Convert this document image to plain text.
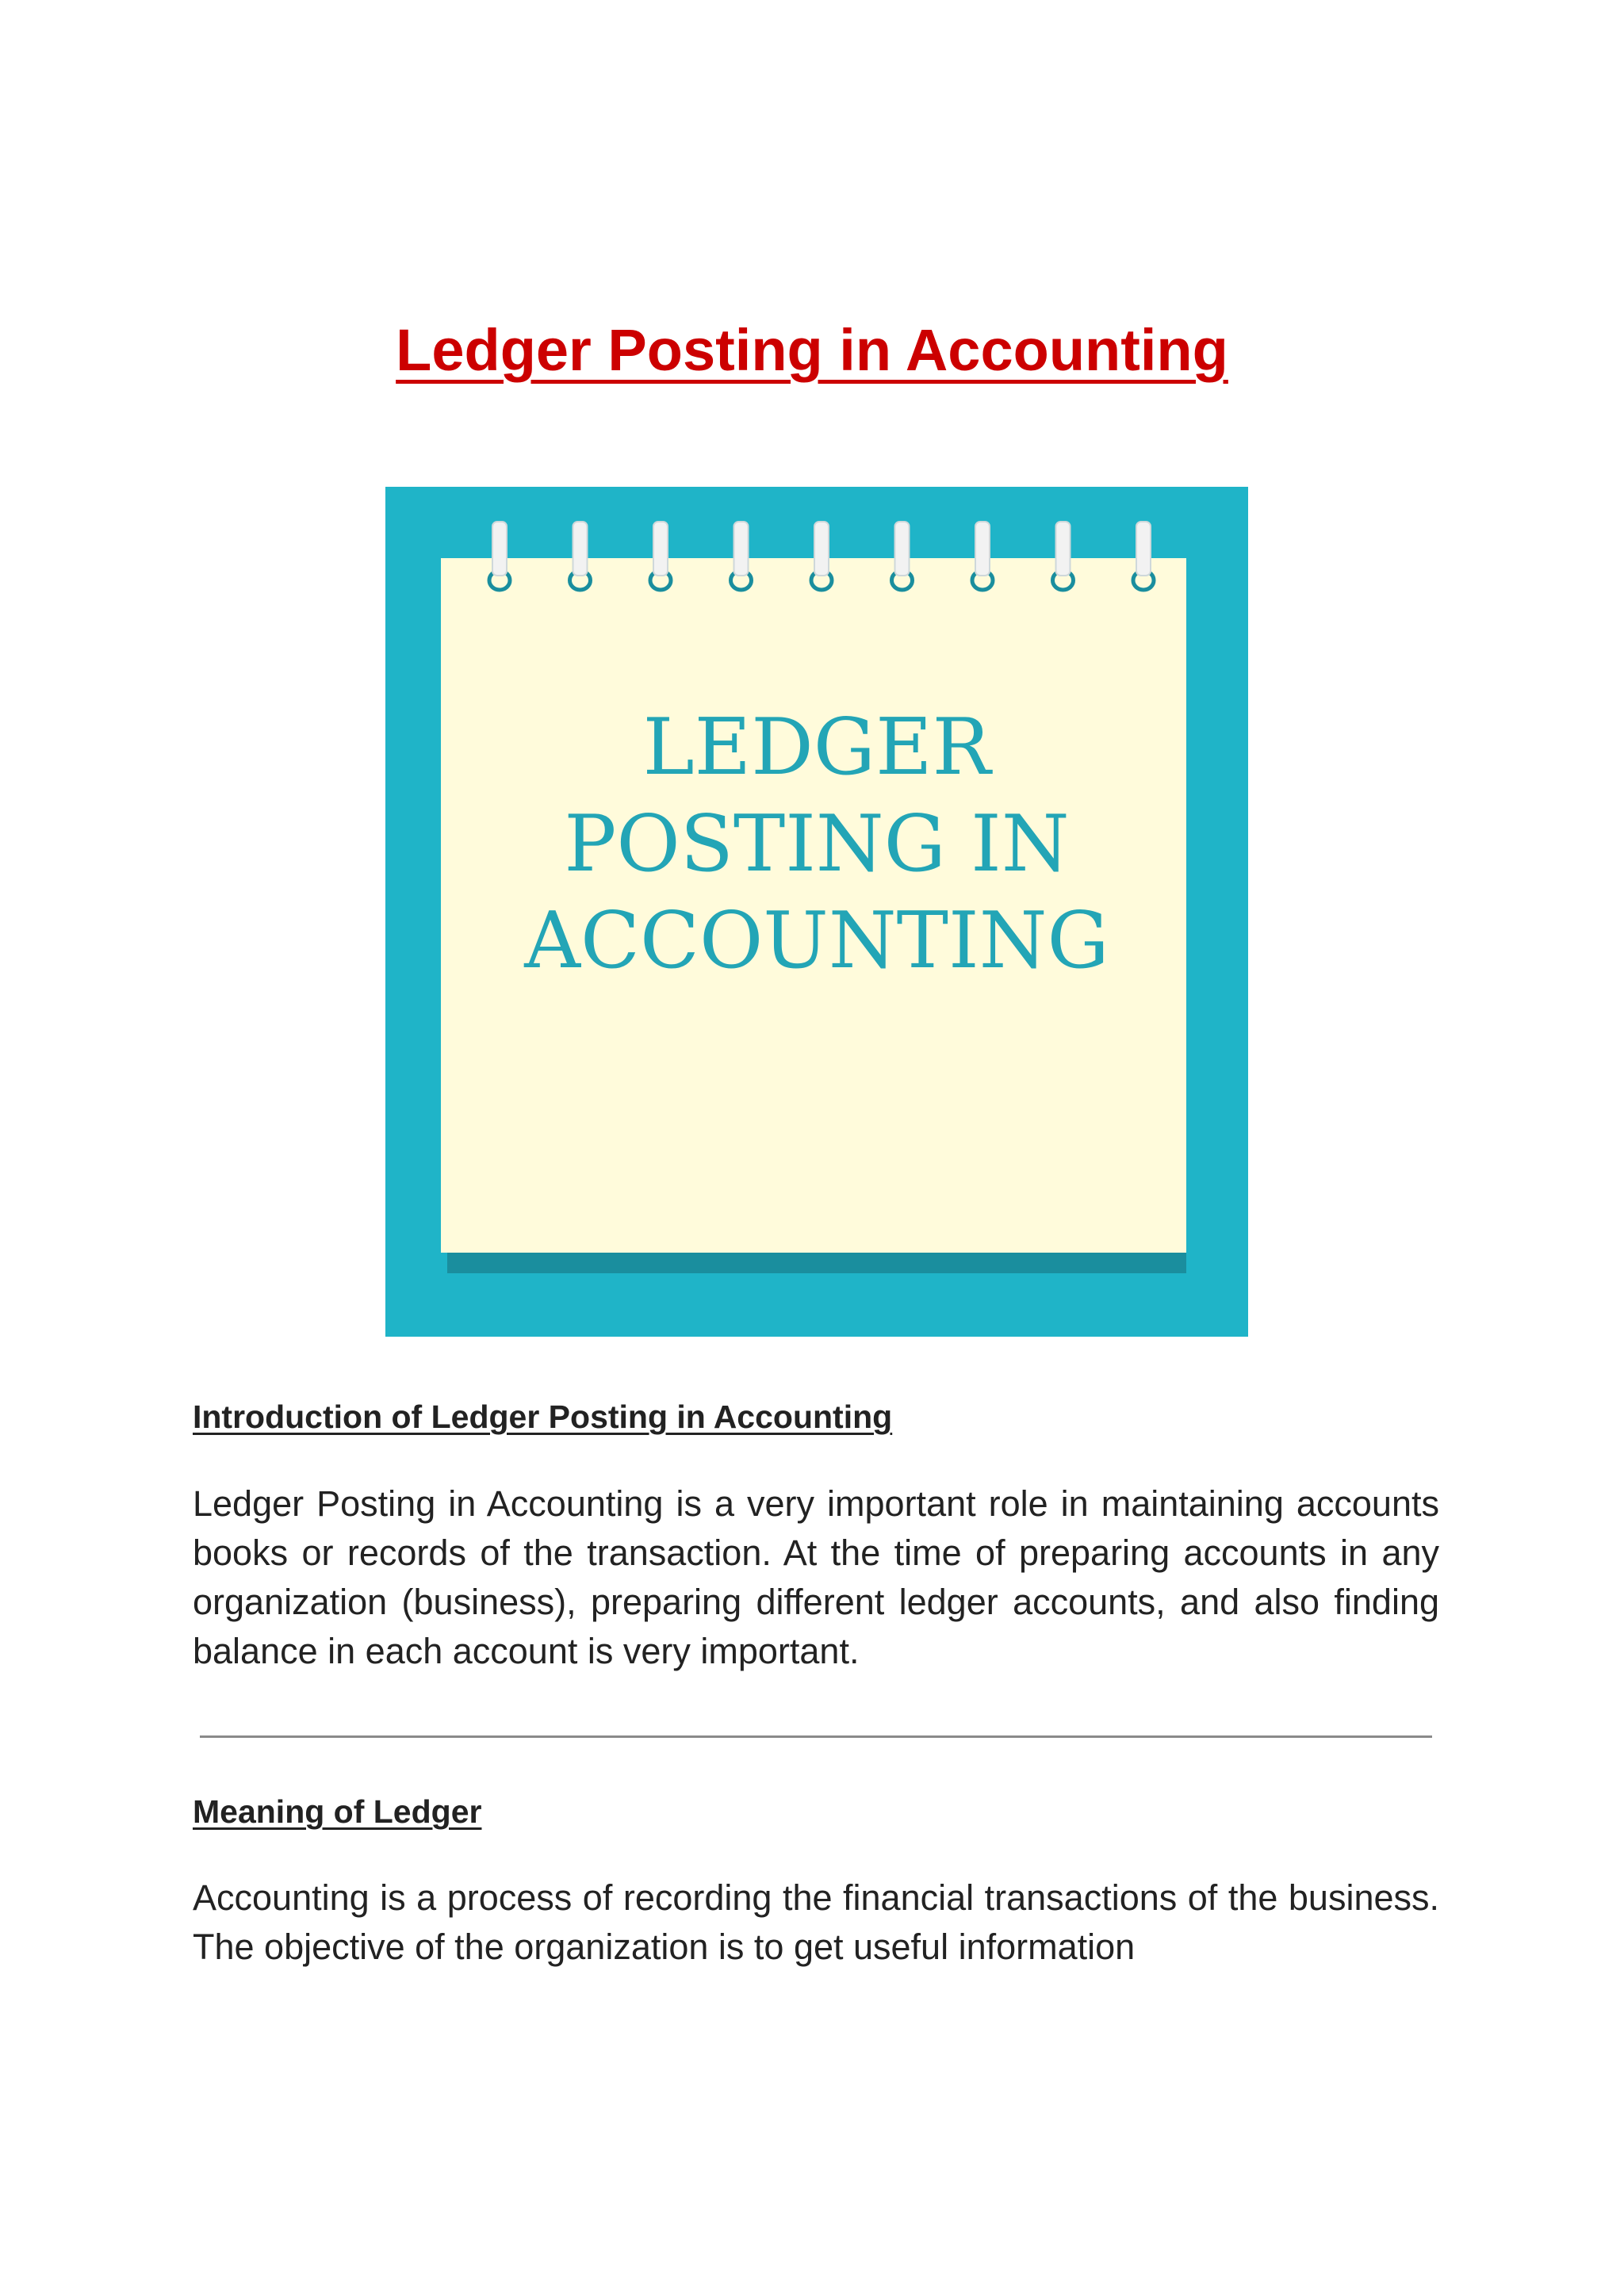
Ledger Posting in Accounting
LEDGER
POSTING IN
ACCOUNTING
Introduction of Ledger Posting in Accounting

Ledger Posting in Accounting is a very important role in maintaining accounts books or records of the transaction. At the time of preparing accounts in any organization (business), preparing different ledger accounts, and also finding balance in each account is very important.

Meaning of Ledger

Accounting is a process of recording the financial transactions of the business. The objective of the organization is to get useful information
